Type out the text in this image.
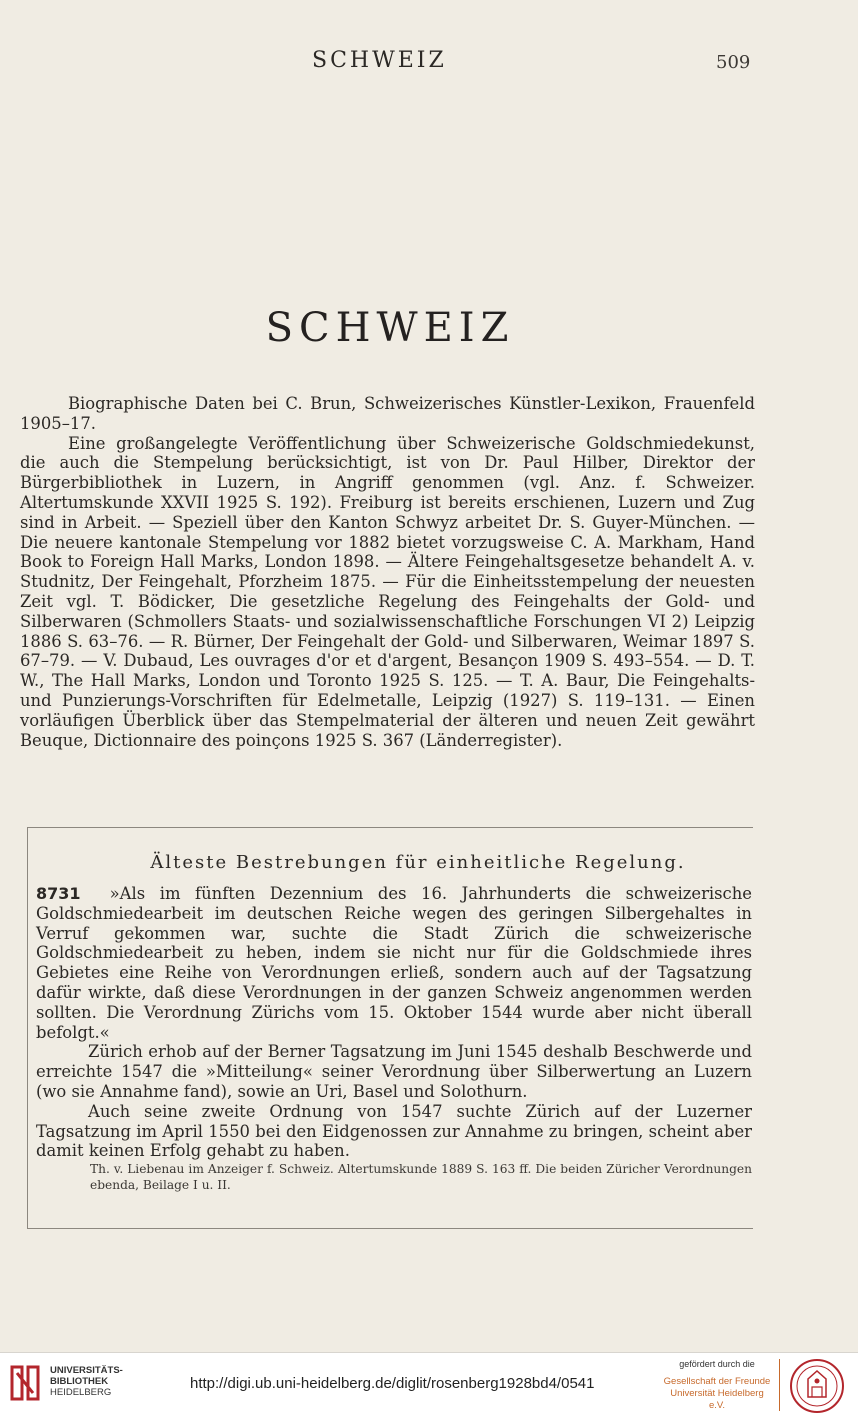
SCHWEIZ	509
SCHWEIZ

Biographische Daten bei C. Brun, Schweizerisches Künstler-Lexikon, Frauenfeld 1905–17.

Eine großangelegte Veröffentlichung über Schweizerische Goldschmiedekunst, die auch die Stempelung berücksichtigt, ist von Dr. Paul Hilber, Direktor der Bürgerbibliothek in Luzern, in Angriff genommen (vgl. Anz. f. Schweizer. Altertumskunde XXVII 1925 S. 192). Freiburg ist bereits erschienen, Luzern und Zug sind in Arbeit. — Speziell über den Kanton Schwyz arbeitet Dr. S. Guyer-München. — Die neuere kantonale Stempelung vor 1882 bietet vorzugsweise C. A. Markham, Hand Book to Foreign Hall Marks, London 1898. — Ältere Feingehaltsgesetze behandelt A. v. Studnitz, Der Feingehalt, Pforzheim 1875. — Für die Einheitsstempelung der neuesten Zeit vgl. T. Bödicker, Die gesetzliche Regelung des Feingehalts der Gold- und Silberwaren (Schmollers Staats- und sozialwissenschaftliche Forschungen VI 2) Leipzig 1886 S. 63–76. — R. Bürner, Der Feingehalt der Gold- und Silberwaren, Weimar 1897 S. 67–79. — V. Dubaud, Les ouvrages d'or et d'argent, Besançon 1909 S. 493–554. — D. T. W., The Hall Marks, London und Toronto 1925 S. 125. — T. A. Baur, Die Feingehalts- und Punzierungs-Vorschriften für Edelmetalle, Leipzig (1927) S. 119–131. — Einen vorläufigen Überblick über das Stempelmaterial der älteren und neuen Zeit gewährt Beuque, Dictionnaire des poinçons 1925 S. 367 (Länderregister).

Älteste Bestrebungen für einheitliche Regelung.

8731 »Als im fünften Dezennium des 16. Jahrhunderts die schweizerische Goldschmiedearbeit im deutschen Reiche wegen des geringen Silbergehaltes in Verruf gekommen war, suchte die Stadt Zürich die schweizerische Goldschmiedearbeit zu heben, indem sie nicht nur für die Goldschmiede ihres Gebietes eine Reihe von Verordnungen erließ, sondern auch auf der Tagsatzung dafür wirkte, daß diese Verordnungen in der ganzen Schweiz angenommen werden sollten. Die Verordnung Zürichs vom 15. Oktober 1544 wurde aber nicht überall befolgt.«

Zürich erhob auf der Berner Tagsatzung im Juni 1545 deshalb Beschwerde und erreichte 1547 die »Mitteilung« seiner Verordnung über Silberwertung an Luzern (wo sie Annahme fand), sowie an Uri, Basel und Solothurn.

Auch seine zweite Ordnung von 1547 suchte Zürich auf der Luzerner Tagsatzung im April 1550 bei den Eidgenossen zur Annahme zu bringen, scheint aber damit keinen Erfolg gehabt zu haben.

Th. v. Liebenau im Anzeiger f. Schweiz. Altertumskunde 1889 S. 163 ff. Die beiden Züricher Verordnungen ebenda, Beilage I u. II.

UNIVERSITÄTS-
BIBLIOTHEK
HEIDELBERG
http://digi.ub.uni-heidelberg.de/diglit/rosenberg1928bd4/0541
gefördert durch die
Gesellschaft der Freunde
Universität Heidelberg e.V.
